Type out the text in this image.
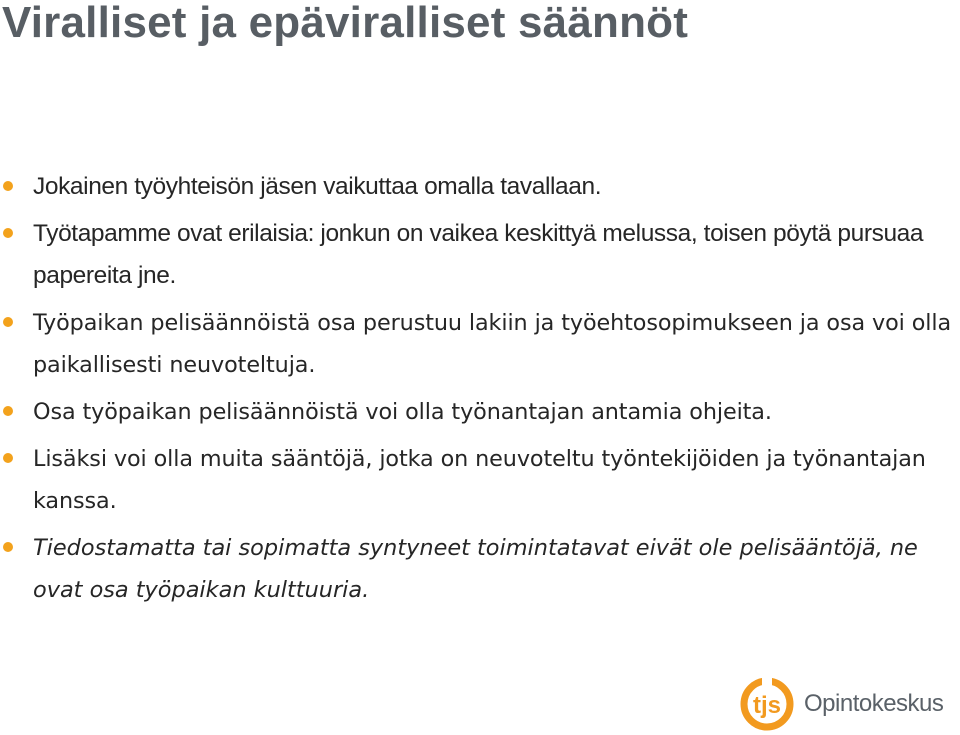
Viralliset ja epäviralliset säännöt
Jokainen työyhteisön jäsen vaikuttaa omalla tavallaan.
Työtapamme ovat erilaisia: jonkun on vaikea keskittyä melussa, toisen pöytä pursuaa papereita jne.
Työpaikan pelisäännöistä osa perustuu lakiin ja työehtosopimukseen ja osa voi olla paikallisesti neuvoteltuja.
Osa työpaikan pelisäännöistä voi olla työnantajan antamia ohjeita.
Lisäksi voi olla muita sääntöjä, jotka on neuvoteltu työntekijöiden ja työnantajan kanssa.
Tiedostamatta tai sopimatta syntyneet toimintatavat eivät ole pelisääntöjä, ne ovat osa työpaikan kulttuuria.
tjs Opintokeskus
